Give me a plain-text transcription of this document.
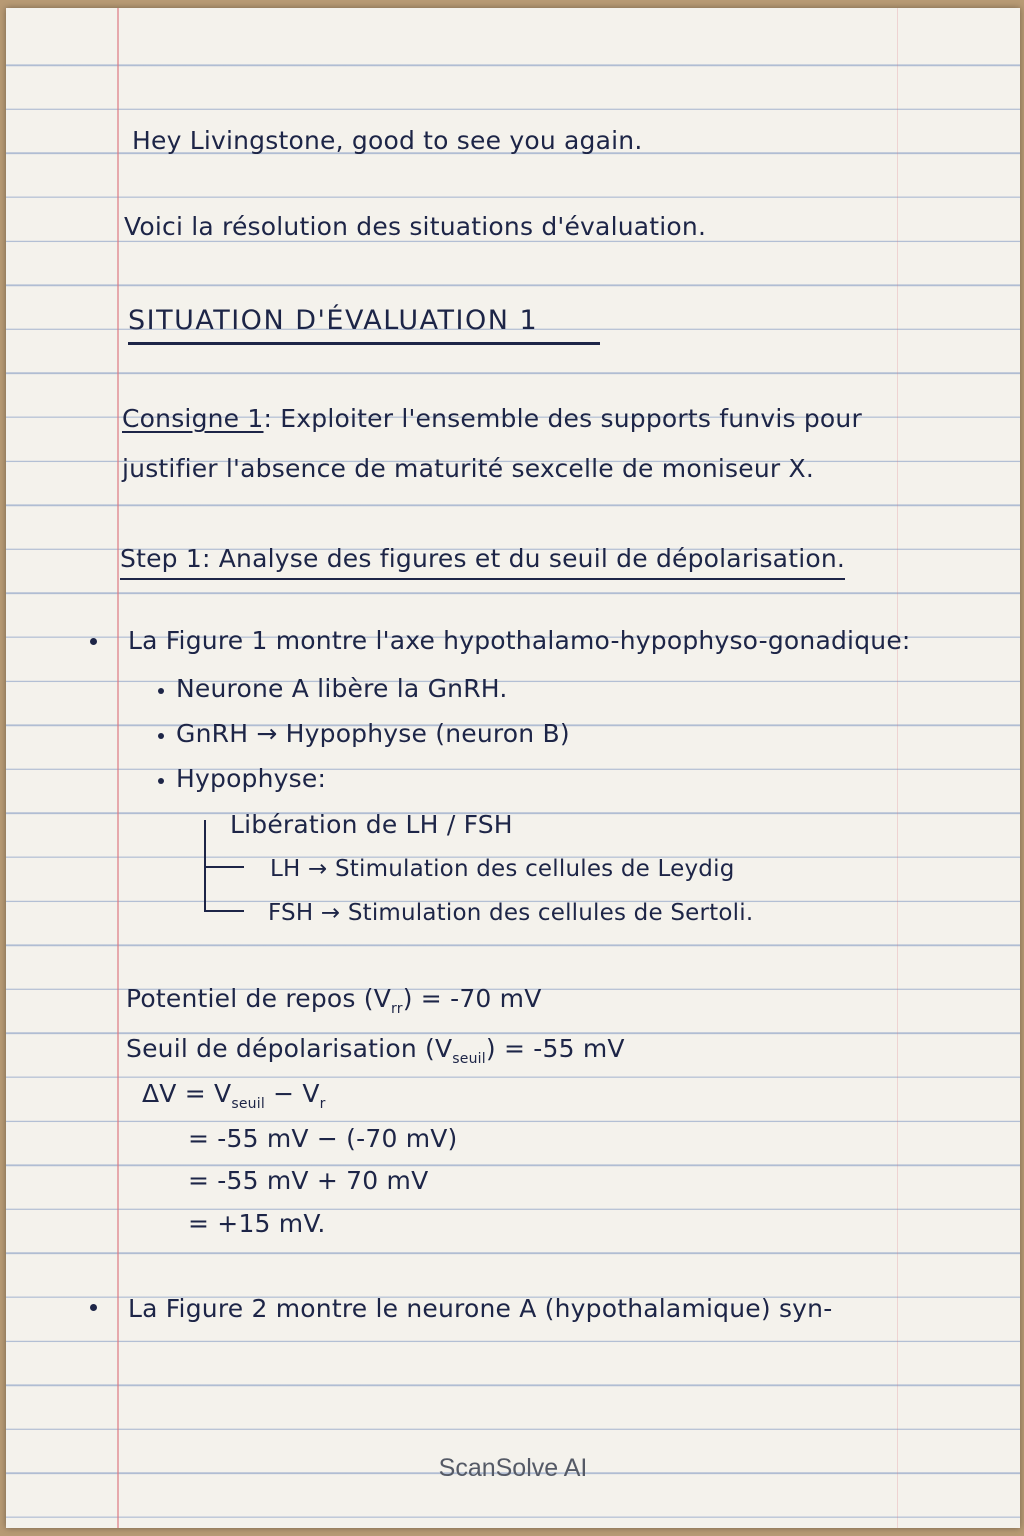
Hey Livingstone, good to see you again.
Voici la résolution des situations d'évaluation.
SITUATION D'ÉVALUATION 1
Consigne 1: Exploiter l'ensemble des supports funvis pour
justifier l'absence de maturité sexcelle de moniseur X.
Step 1: Analyse des figures et du seuil de dépolarisation.
La Figure 1 montre l'axe hypothalamo-hypophyso-gonadique:
Neurone A libère la GnRH.
GnRH → Hypophyse (neuron B)
Hypophyse:
Libération de LH / FSH
LH → Stimulation des cellules de Leydig
FSH → Stimulation des cellules de Sertoli.
Potentiel de repos $(V_{rr}) = -70$ mV
Seuil de dépolarisation $(V_{seuil}) = -55$ mV
$\Delta V = V_{seuil} - V_r$
= -55 mV − (-70 mV)
= -55 mV + 70 mV
= +15 mV.
La Figure 2 montre le neurone A (hypothalamique) syn-
ScanSolve AI
